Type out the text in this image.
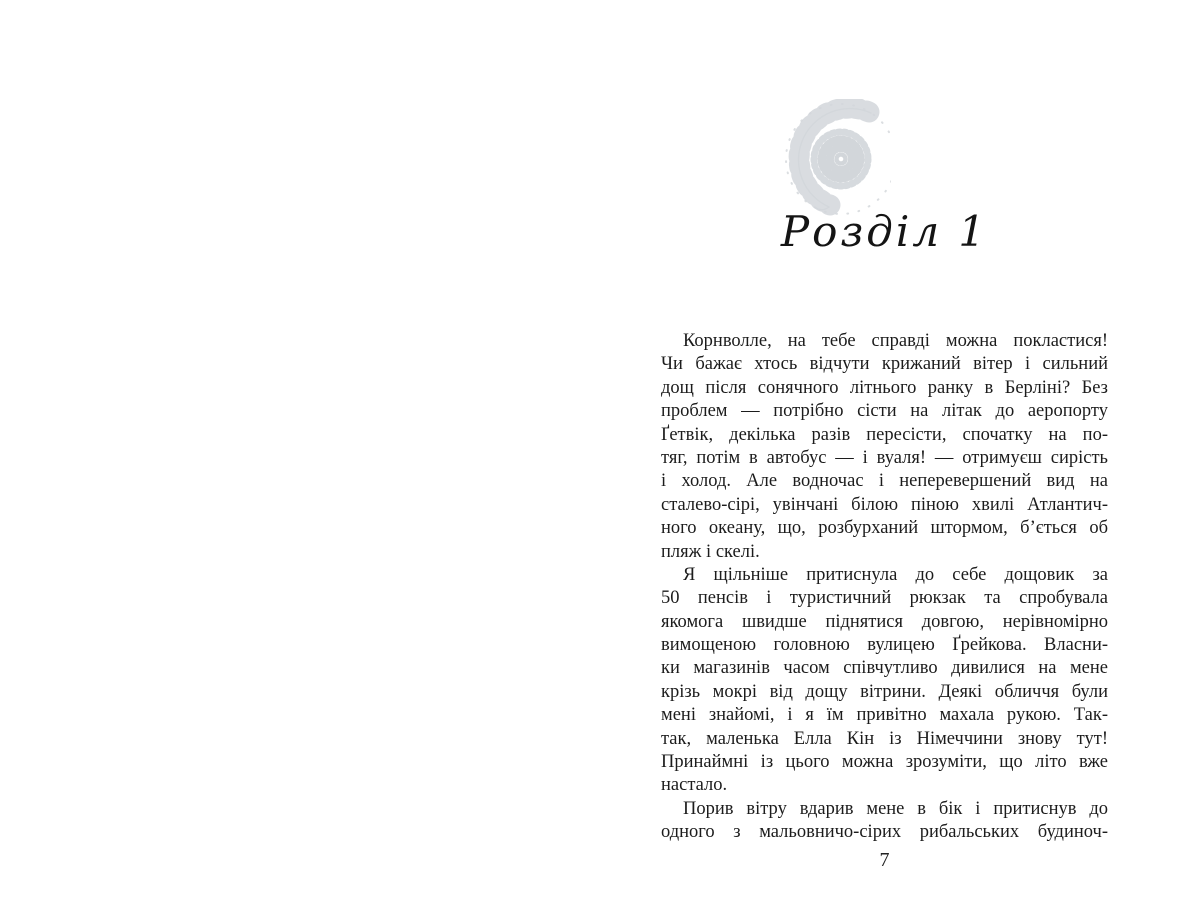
Розділ 1
Корнволле, на тебе справді можна покластися!
Чи бажає хтось відчути крижаний вітер і сильний
дощ після сонячного літнього ранку в Берліні? Без
проблем — потрібно сісти на літак до аеропорту
Ґетвік, декілька разів пересісти, спочатку на по-
тяг, потім в автобус — і вуаля! — отримуєш сирість
і холод. Але водночас і неперевершений вид на
сталево-сірі, увінчані білою піною хвилі Атлантич-
ного океану, що, розбурханий штормом, б’ється об
пляж і скелі.
Я щільніше притиснула до себе дощовик за
50 пенсів і туристичний рюкзак та спробувала
якомога швидше піднятися довгою, нерівномірно
вимощеною головною вулицею Ґрейкова. Власни-
ки магазинів часом співчутливо дивилися на мене
крізь мокрі від дощу вітрини. Деякі обличчя були
мені знайомі, і я їм привітно махала рукою. Так-
так, маленька Елла Кін із Німеччини знову тут!
Принаймні із цього можна зрозуміти, що літо вже
настало.
Порив вітру вдарив мене в бік і притиснув до
одного з мальовничо-сірих рибальських будиноч-
7
